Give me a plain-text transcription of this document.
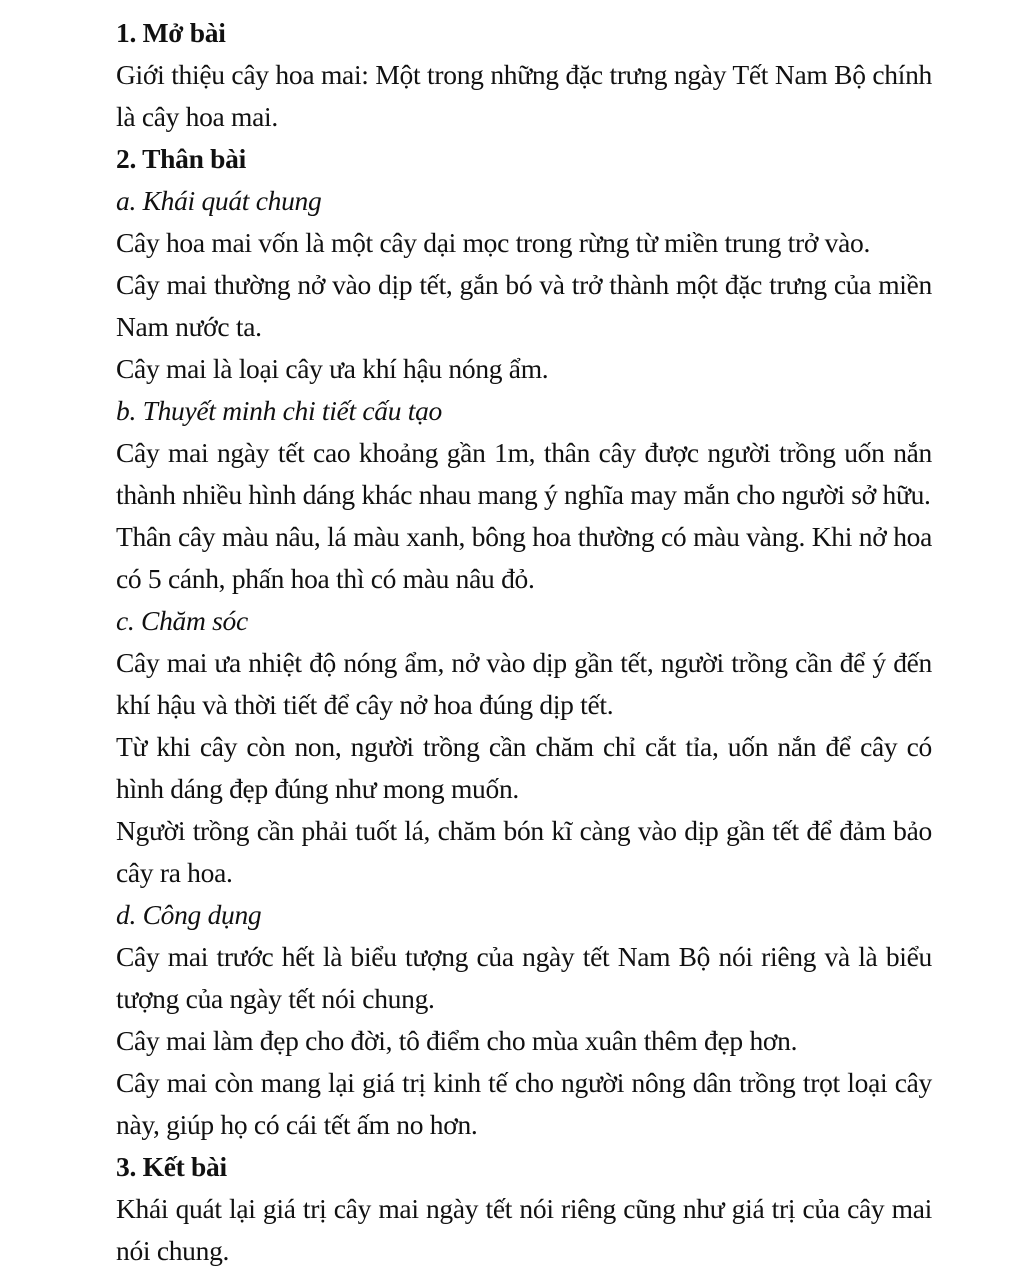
1. Mở bài

Giới thiệu cây hoa mai: Một trong những đặc trưng ngày Tết Nam Bộ chính là cây hoa mai.

2. Thân bài

a. Khái quát chung

Cây hoa mai vốn là một cây dại mọc trong rừng từ miền trung trở vào.

Cây mai thường nở vào dịp tết, gắn bó và trở thành một đặc trưng của miền Nam nước ta.

Cây mai là loại cây ưa khí hậu nóng ẩm.

b. Thuyết minh chi tiết cấu tạo

Cây mai ngày tết cao khoảng gần 1m, thân cây được người trồng uốn nắn thành nhiều hình dáng khác nhau mang ý nghĩa may mắn cho người sở hữu.

Thân cây màu nâu, lá màu xanh, bông hoa thường có màu vàng. Khi nở hoa có 5 cánh, phấn hoa thì có màu nâu đỏ.

c. Chăm sóc

Cây mai ưa nhiệt độ nóng ẩm, nở vào dịp gần tết, người trồng cần để ý đến khí hậu và thời tiết để cây nở hoa đúng dịp tết.

Từ khi cây còn non, người trồng cần chăm chỉ cắt tỉa, uốn nắn để cây có hình dáng đẹp đúng như mong muốn.

Người trồng cần phải tuốt lá, chăm bón kĩ càng vào dịp gần tết để đảm bảo cây ra hoa.

d. Công dụng

Cây mai trước hết là biểu tượng của ngày tết Nam Bộ nói riêng và là biểu tượng của ngày tết nói chung.

Cây mai làm đẹp cho đời, tô điểm cho mùa xuân thêm đẹp hơn.

Cây mai còn mang lại giá trị kinh tế cho người nông dân trồng trọt loại cây này, giúp họ có cái tết ấm no hơn.

3. Kết bài

Khái quát lại giá trị cây mai ngày tết nói riêng cũng như giá trị của cây mai nói chung.
